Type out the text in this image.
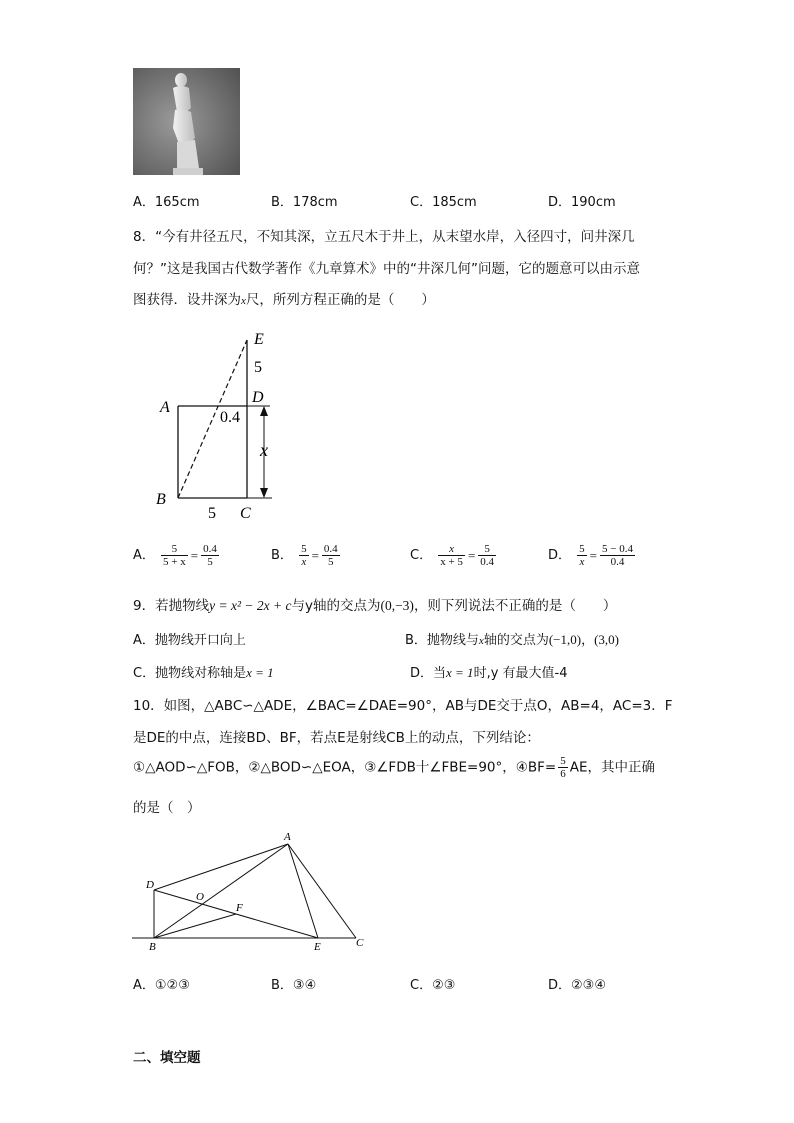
A．165cm	B．178cm	C．185cm	D．190cm
8．“今有井径五尺，不知其深，立五尺木于井上，从末望水岸，入径四寸，问井深几
何？”这是我国古代数学著作《九章算术》中的“井深几何”问题，它的题意可以由示意
图获得．设井深为x尺，所列方程正确的是（　　）
E
5
D
A
0.4
x
B
5 C
A． $\frac{5}{5 + x} = \frac{0.4}{5}$	B． $\frac{5}{x} = \frac{0.4}{5}$	C． $\frac{x}{x + 5} = \frac{5}{0.4}$	D． $\frac{5}{x} = \frac{5 - 0.4}{0.4}$
9．若抛物线y = x² − 2x + c与y轴的交点为(0,−3)，则下列说法不正确的是（　　）
A．抛物线开口向上	B．抛物线与x轴的交点为(−1,0)，(3,0)
C．抛物线对称轴是x = 1	D．当x = 1时,y 有最大值-4
10．如图，△ABC∽△ADE，∠BAC=∠DAE=90°，AB与DE交于点O，AB=4，AC=3．F
是DE的中点，连接BD、BF，若点E是射线CB上的动点，下列结论：
①△AOD∽△FOB，②△BOD∽△EOA，③∠FDB十∠FBE=90°，④BF= $\frac{5}{6}$ AE，其中正确
的是（　）
A
D
O
F
B	E	C
A．①②③	B．③④	C．②③	D．②③④
二、填空题
